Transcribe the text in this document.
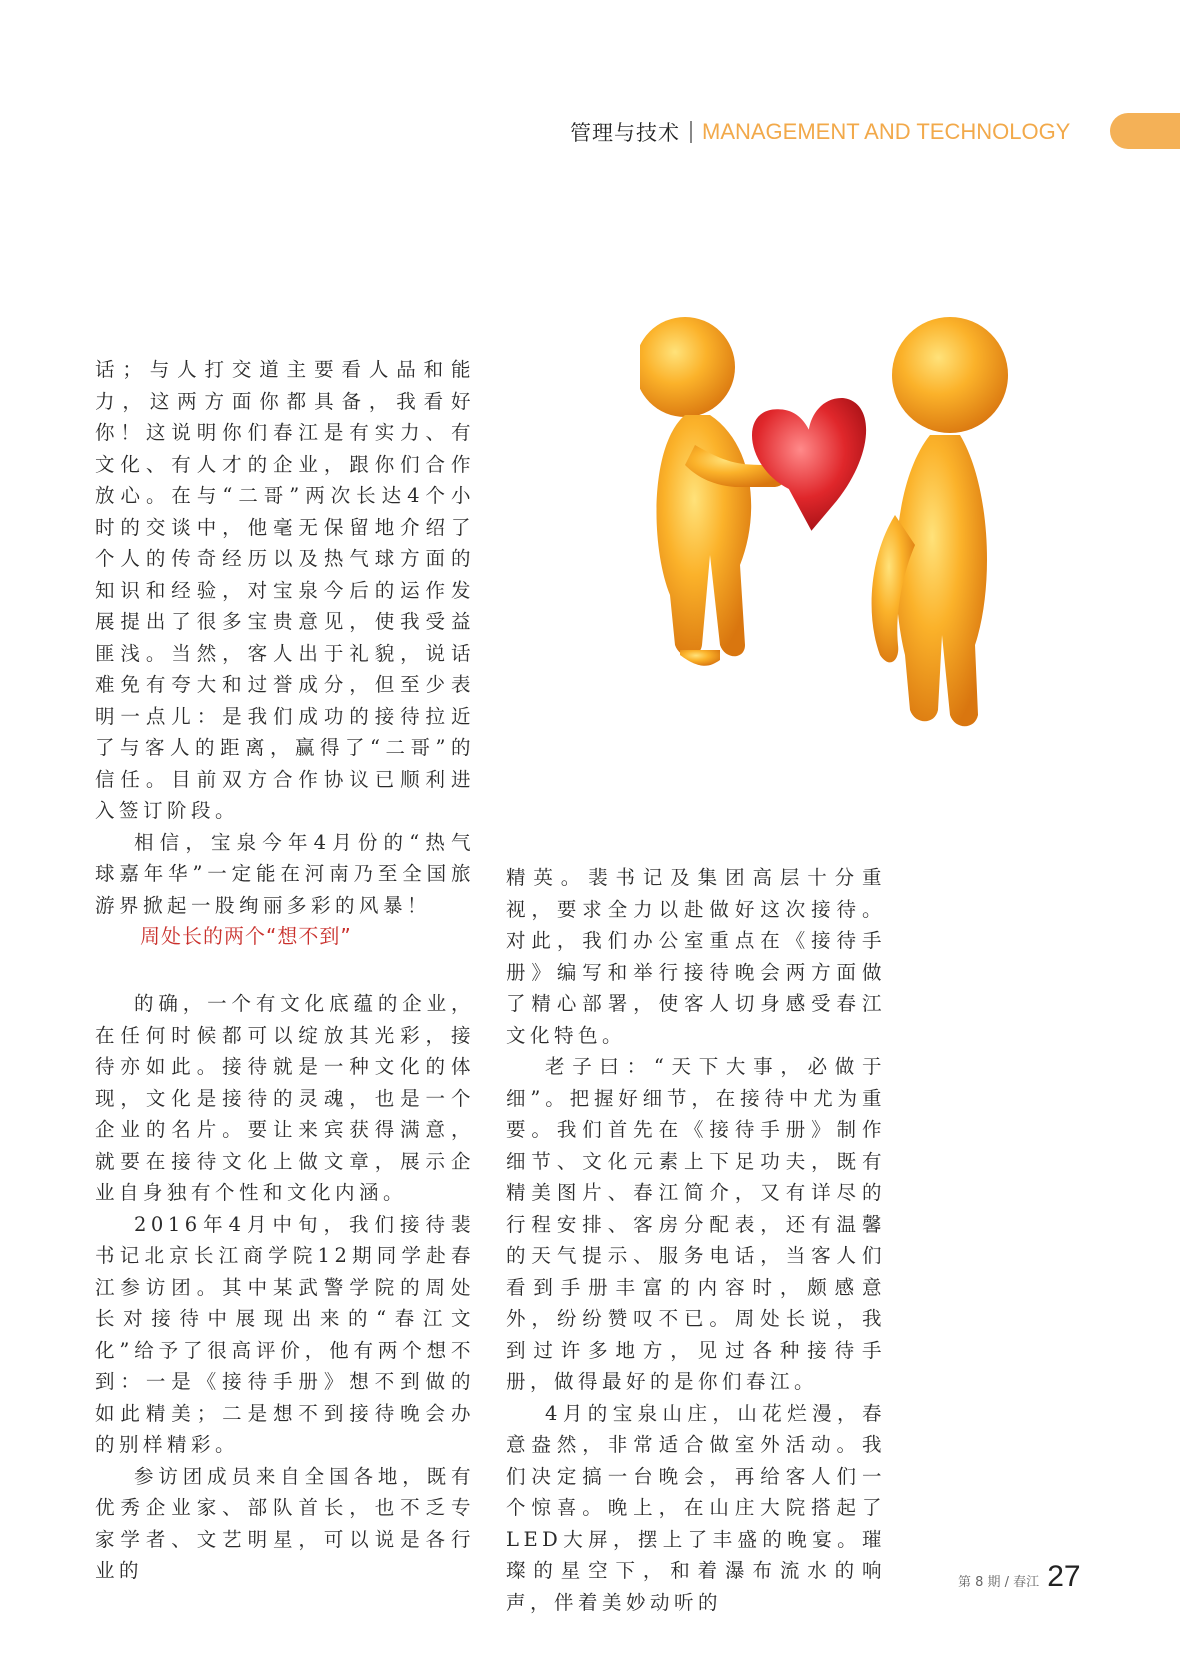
管理与技术 MANAGEMENT AND TECHNOLOGY

话；与人打交道主要看人品和能力，这两方面你都具备，我看好你！这说明你们春江是有实力、有文化、有人才的企业，跟你们合作放心。在与“二哥”两次长达4个小时的交谈中，他毫无保留地介绍了个人的传奇经历以及热气球方面的知识和经验，对宝泉今后的运作发展提出了很多宝贵意见，使我受益匪浅。当然，客人出于礼貌，说话难免有夸大和过誉成分，但至少表明一点儿：是我们成功的接待拉近了与客人的距离，赢得了“二哥”的信任。目前双方合作协议已顺利进入签订阶段。

相信，宝泉今年4月份的“热气球嘉年华”一定能在河南乃至全国旅游界掀起一股绚丽多彩的风暴！

周处长的两个“想不到”

的确，一个有文化底蕴的企业，在任何时候都可以绽放其光彩，接待亦如此。接待就是一种文化的体现，文化是接待的灵魂，也是一个企业的名片。要让来宾获得满意，就要在接待文化上做文章，展示企业自身独有个性和文化内涵。

2016年4月中旬，我们接待裴书记北京长江商学院12期同学赴春江参访团。其中某武警学院的周处长对接待中展现出来的“春江文化”给予了很高评价，他有两个想不到：一是《接待手册》想不到做的如此精美；二是想不到接待晚会办的别样精彩。

参访团成员来自全国各地，既有优秀企业家、部队首长，也不乏专家学者、文艺明星，可以说是各行业的

精英。裴书记及集团高层十分重视，要求全力以赴做好这次接待。对此，我们办公室重点在《接待手册》编写和举行接待晚会两方面做了精心部署，使客人切身感受春江文化特色。

老子曰：“天下大事，必做于细”。把握好细节，在接待中尤为重要。我们首先在《接待手册》制作细节、文化元素上下足功夫，既有精美图片、春江简介，又有详尽的行程安排、客房分配表，还有温馨的天气提示、服务电话，当客人们看到手册丰富的内容时，颇感意外，纷纷赞叹不已。周处长说，我到过许多地方，见过各种接待手册，做得最好的是你们春江。

4月的宝泉山庄，山花烂漫，春意盎然，非常适合做室外活动。我们决定搞一台晚会，再给客人们一个惊喜。晚上，在山庄大院搭起了LED大屏，摆上了丰盛的晚宴。璀璨的星空下，和着瀑布流水的响声，伴着美妙动听的

第 8 期 / 春江 27
